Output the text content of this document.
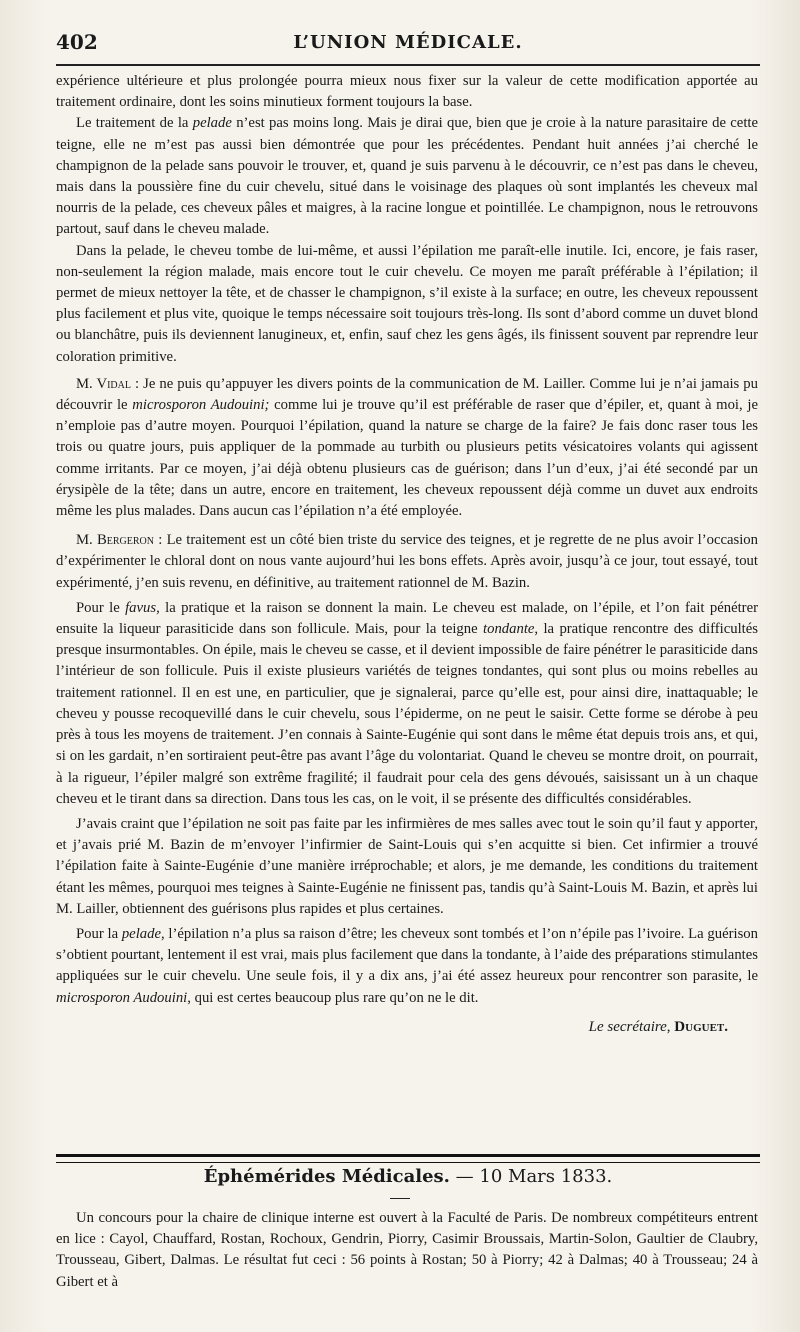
402	L’UNION MÉDICALE.

expérience ultérieure et plus prolongée pourra mieux nous fixer sur la valeur de cette modification apportée au traitement ordinaire, dont les soins minutieux forment toujours la base.

Le traitement de la pelade n’est pas moins long. Mais je dirai que, bien que je croie à la nature parasitaire de cette teigne, elle ne m’est pas aussi bien démontrée que pour les précédentes. Pendant huit années j’ai cherché le champignon de la pelade sans pouvoir le trouver, et, quand je suis parvenu à le découvrir, ce n’est pas dans le cheveu, mais dans la poussière fine du cuir chevelu, situé dans le voisinage des plaques où sont implantés les cheveux mal nourris de la pelade, ces cheveux pâles et maigres, à la racine longue et pointillée. Le champignon, nous le retrouvons partout, sauf dans le cheveu malade.

Dans la pelade, le cheveu tombe de lui-même, et aussi l’épilation me paraît-elle inutile. Ici, encore, je fais raser, non-seulement la région malade, mais encore tout le cuir chevelu. Ce moyen me paraît préférable à l’épilation; il permet de mieux nettoyer la tête, et de chasser le champignon, s’il existe à la surface; en outre, les cheveux repoussent plus facilement et plus vite, quoique le temps nécessaire soit toujours très-long. Ils sont d’abord comme un duvet blond ou blanchâtre, puis ils deviennent lanugineux, et, enfin, sauf chez les gens âgés, ils finissent souvent par reprendre leur coloration primitive.

M. Vidal : Je ne puis qu’appuyer les divers points de la communication de M. Lailler. Comme lui je n’ai jamais pu découvrir le microsporon Audouini; comme lui je trouve qu’il est préférable de raser que d’épiler, et, quant à moi, je n’emploie pas d’autre moyen. Pourquoi l’épilation, quand la nature se charge de la faire? Je fais donc raser tous les trois ou quatre jours, puis appliquer de la pommade au turbith ou plusieurs petits vésicatoires volants qui agissent comme irritants. Par ce moyen, j’ai déjà obtenu plusieurs cas de guérison; dans l’un d’eux, j’ai été secondé par un érysipèle de la tête; dans un autre, encore en traitement, les cheveux repoussent déjà comme un duvet aux endroits même les plus malades. Dans aucun cas l’épilation n’a été employée.

M. Bergeron : Le traitement est un côté bien triste du service des teignes, et je regrette de ne plus avoir l’occasion d’expérimenter le chloral dont on nous vante aujourd’hui les bons effets. Après avoir, jusqu’à ce jour, tout essayé, tout expérimenté, j’en suis revenu, en définitive, au traitement rationnel de M. Bazin.

Pour le favus, la pratique et la raison se donnent la main. Le cheveu est malade, on l’épile, et l’on fait pénétrer ensuite la liqueur parasiticide dans son follicule. Mais, pour la teigne tondante, la pratique rencontre des difficultés presque insurmontables. On épile, mais le cheveu se casse, et il devient impossible de faire pénétrer le parasiticide dans l’intérieur de son follicule. Puis il existe plusieurs variétés de teignes tondantes, qui sont plus ou moins rebelles au traitement rationnel. Il en est une, en particulier, que je signalerai, parce qu’elle est, pour ainsi dire, inattaquable; le cheveu y pousse recoquevillé dans le cuir chevelu, sous l’épiderme, on ne peut le saisir. Cette forme se dérobe à peu près à tous les moyens de traitement. J’en connais à Sainte-Eugénie qui sont dans le même état depuis trois ans, et qui, si on les gardait, n’en sortiraient peut-être pas avant l’âge du volontariat. Quand le cheveu se montre droit, on pourrait, à la rigueur, l’épiler malgré son extrême fragilité; il faudrait pour cela des gens dévoués, saisissant un à un chaque cheveu et le tirant dans sa direction. Dans tous les cas, on le voit, il se présente des difficultés considérables.

J’avais craint que l’épilation ne soit pas faite par les infirmières de mes salles avec tout le soin qu’il faut y apporter, et j’avais prié M. Bazin de m’envoyer l’infirmier de Saint-Louis qui s’en acquitte si bien. Cet infirmier a trouvé l’épilation faite à Sainte-Eugénie d’une manière irréprochable; et alors, je me demande, les conditions du traitement étant les mêmes, pourquoi mes teignes à Sainte-Eugénie ne finissent pas, tandis qu’à Saint-Louis M. Bazin, et après lui M. Lailler, obtiennent des guérisons plus rapides et plus certaines.

Pour la pelade, l’épilation n’a plus sa raison d’être; les cheveux sont tombés et l’on n’épile pas l’ivoire. La guérison s’obtient pourtant, lentement il est vrai, mais plus facilement que dans la tondante, à l’aide des préparations stimulantes appliquées sur le cuir chevelu. Une seule fois, il y a dix ans, j’ai été assez heureux pour rencontrer son parasite, le microsporon Audouini, qui est certes beaucoup plus rare qu’on ne le dit.

Le secrétaire, Duguet.
Éphémérides Médicales. — 10 Mars 1833.

Un concours pour la chaire de clinique interne est ouvert à la Faculté de Paris. De nombreux compétiteurs entrent en lice : Cayol, Chauffard, Rostan, Rochoux, Gendrin, Piorry, Casimir Broussais, Martin-Solon, Gaultier de Claubry, Trousseau, Gibert, Dalmas. Le résultat fut ceci : 56 points à Rostan; 50 à Piorry; 42 à Dalmas; 40 à Trousseau; 24 à Gibert et à
